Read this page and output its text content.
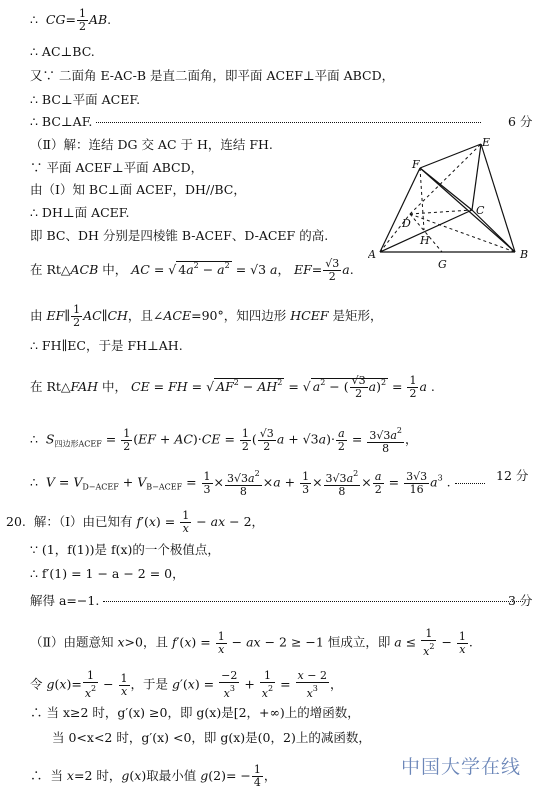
∴  $CG= \frac{1}{2}$ AB.
∴ AC⊥BC.
又∵ 二面角 E-AC-B 是直二面角，即平面 ACEF⊥平面 ABCD，
∴ BC⊥平面 ACEF.
∴ BC⊥AF.	6 分
（Ⅱ）解：连结 DG 交 AC 于 H，连结 FH.
∵ 平面 ACEF⊥平面 ABCD，
由（Ⅰ）知 BC⊥面 ACEF，DH//BC，
∴ DH⊥面 ACEF.
即 BC、DH 分别是四棱锥 B-ACEF、D-ACEF 的高.
A	B
C
D
E
F
G
H
在 Rt△ACB 中， AC = √ $4a^2 - a^2 = √3$ a， $EF= \frac{√3}{2} a$.
由 EF∥ $\frac{1}{2}$ AC∥CH，且∠ACE=90°，知四边形 HCEF 是矩形，
∴ FH∥EC，于是 FH⊥AH.
在 Rt△FAH 中， CE = FH = √ $AF^2 - AH^2$ = √ $a^2$ − ( $\frac{√3}{2} a)^2 = \frac{1}{2}$ a .
∴  $S_{四边形ACEF} = \frac{1}{2} (EF + AC)\cdot CE = \frac{1}{2}$ ( $\frac{√3}{2}$ $a + √3a)\cdot \frac{a}{2} = \frac{3√3a^2}{8}$ ，
∴  $V = V_{D-ACEF} + V_{B-ACEF} = \frac{1}{3} \times \frac{3√3a^2}{8} \times a + \frac{1}{3} \times \frac{3√3a^2}{8} \times \frac{a}{2} = \frac{3√3}{16} a^3$ .	12 分
20.  解：（Ⅰ）由已知有 $f'(x) = \frac{1}{x}$ − ax − 2，
∵ (1，f(1))是 f(x)的一个极值点，
∴ f′(1) = 1 − a − 2 = 0，
解得 a=−1.	3 分
（Ⅱ）由题意知 x>0，且 $f'(x) = \frac{1}{x}$ − ax − 2 ≥ −1 恒成立，即 $a \le \frac{1}{x^2} - \frac{1}{x}$ .
令 $g(x)= \frac{1}{x^2} - \frac{1}{x}$ ，于是 $g'(x) = \frac{-2}{x^3} + \frac{1}{x^2} = \frac{x - 2}{x^3}$ ，
∴ 当 x≥2 时，g′(x) ≥0，即 g(x)是[2，+∞)上的增函数，
当 0<x<2 时，g′(x) <0，即 g(x)是(0，2)上的减函数，
∴  当 x=2 时，g(x)取最小值 $g(2)= - \frac{1}{4}$ ，	中国大学在线
